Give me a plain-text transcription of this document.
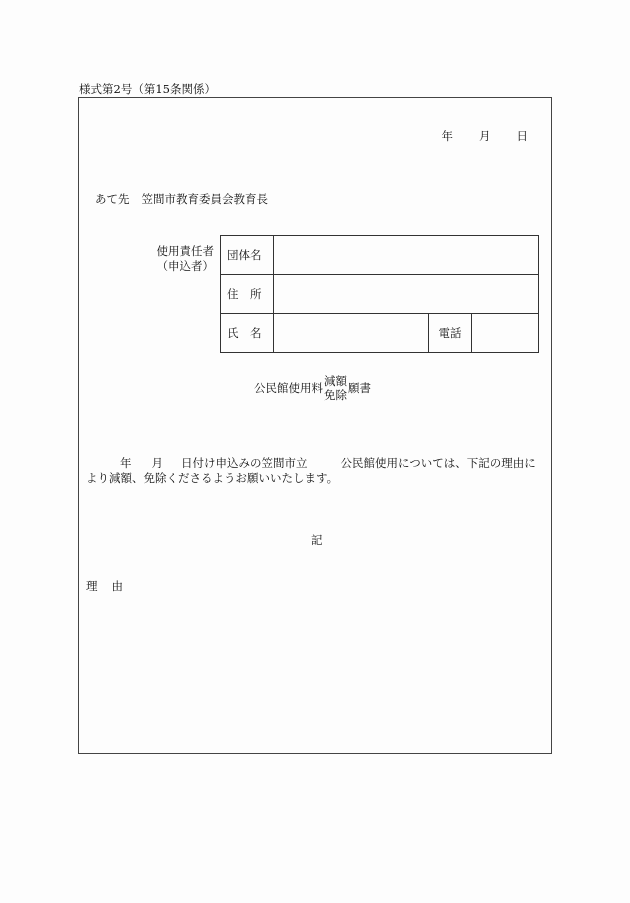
様式第2号（第15条関係）
年 月 日
あて先 笠間市教育委員会教育長
使用責任者
（申込者）
団体名			
住　所			
氏　名		電話	
公民館使用料 減額
免除 願書
年 月 日付け申込みの笠間市立	公民館使用については、下記の理由により減額、免除くださるようお願いいたします。
記
理 由
